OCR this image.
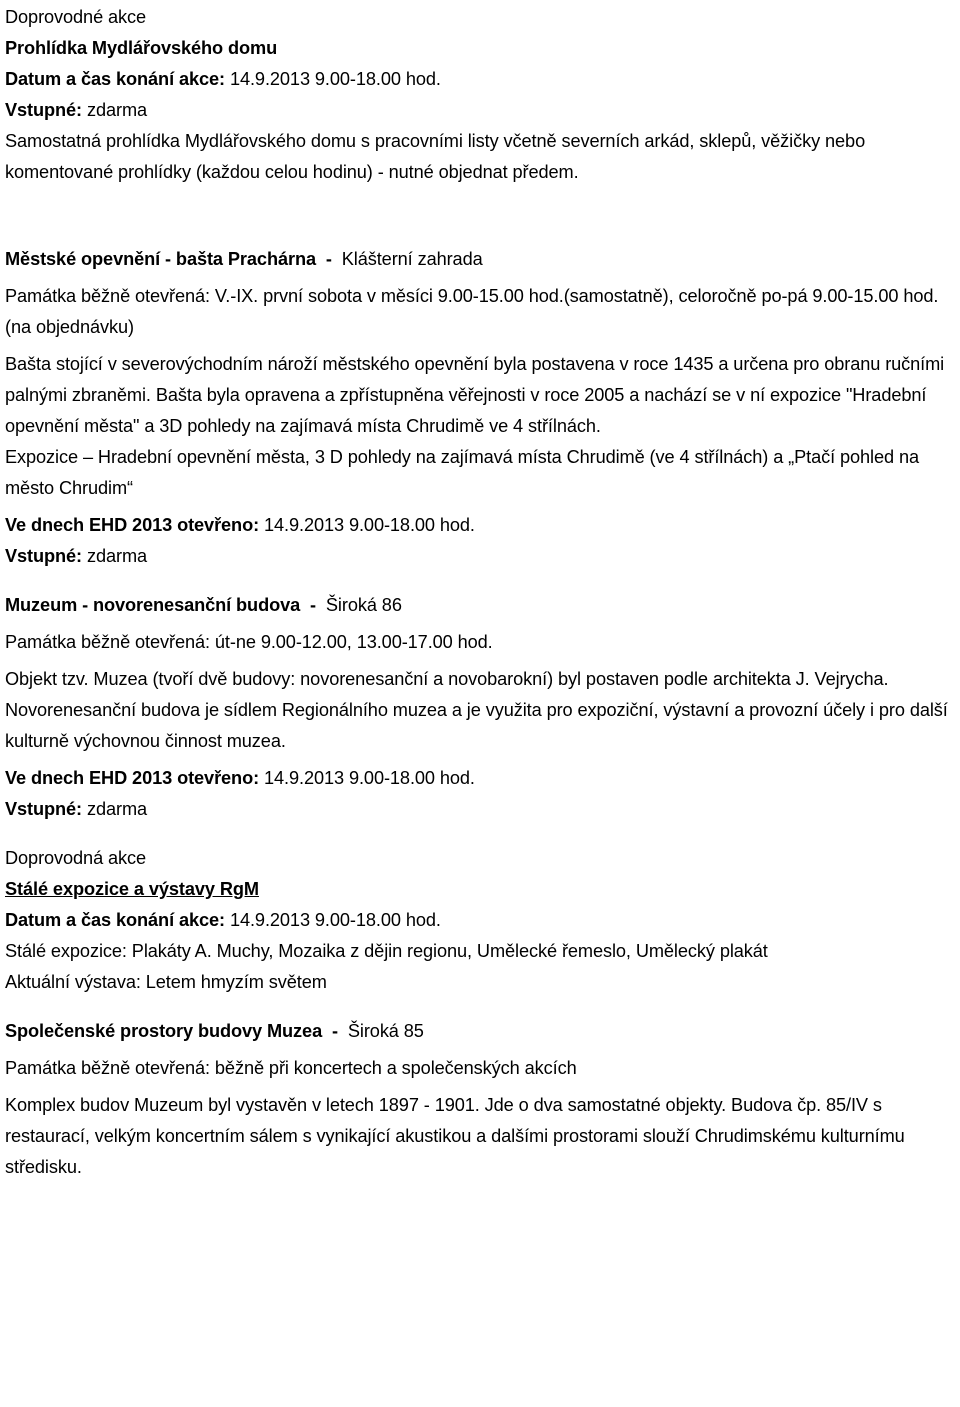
Doprovodné akce

Prohlídka Mydlářovského domu

Datum a čas konání akce: 14.9.2013 9.00-18.00 hod.

Vstupné: zdarma

Samostatná prohlídka Mydlářovského domu s pracovními listy včetně severních arkád, sklepů, věžičky nebo komentované prohlídky (každou celou hodinu) - nutné objednat předem.

Městské opevnění - bašta Prachárna  -  Klášterní zahrada

Památka běžně otevřená: V.-IX. první sobota v měsíci 9.00-15.00 hod.(samostatně), celoročně po-pá 9.00-15.00 hod.(na objednávku)

Bašta stojící v severovýchodním nároží městského opevnění byla postavena v roce 1435 a určena pro obranu ručními palnými zbraněmi. Bašta byla opravena a zpřístupněna věřejnosti v roce 2005 a nachází se v ní expozice "Hradební opevnění města" a 3D pohledy na zajímavá místa Chrudimě ve 4 střílnách.

Expozice – Hradební opevnění města, 3 D pohledy na zajímavá místa Chrudimě (ve 4 střílnách) a „Ptačí pohled na město Chrudim“

Ve dnech EHD 2013 otevřeno: 14.9.2013 9.00-18.00 hod.

Vstupné: zdarma

Muzeum - novorenesanční budova  -  Široká 86

Památka běžně otevřená: út-ne 9.00-12.00, 13.00-17.00 hod.

Objekt tzv. Muzea (tvoří dvě budovy: novorenesanční a novobarokní) byl postaven podle architekta J. Vejrycha. Novorenesanční budova je sídlem Regionálního muzea a je využita pro expoziční, výstavní a provozní účely i pro další kulturně výchovnou činnost muzea.

Ve dnech EHD 2013 otevřeno: 14.9.2013 9.00-18.00 hod.

Vstupné: zdarma

Doprovodná akce

Stálé expozice a výstavy RgM

Datum a čas konání akce: 14.9.2013 9.00-18.00 hod.

Stálé expozice: Plakáty A. Muchy, Mozaika z dějin regionu, Umělecké řemeslo, Umělecký plakát

Aktuální výstava: Letem hmyzím světem

Společenské prostory budovy Muzea  -  Široká 85

Památka běžně otevřená: běžně při koncertech a společenských akcích

Komplex budov Muzeum byl vystavěn v letech 1897 - 1901. Jde o dva samostatné objekty. Budova čp. 85/IV s restaurací, velkým koncertním sálem s vynikající akustikou a dalšími prostorami slouží Chrudimskému kulturnímu středisku.
